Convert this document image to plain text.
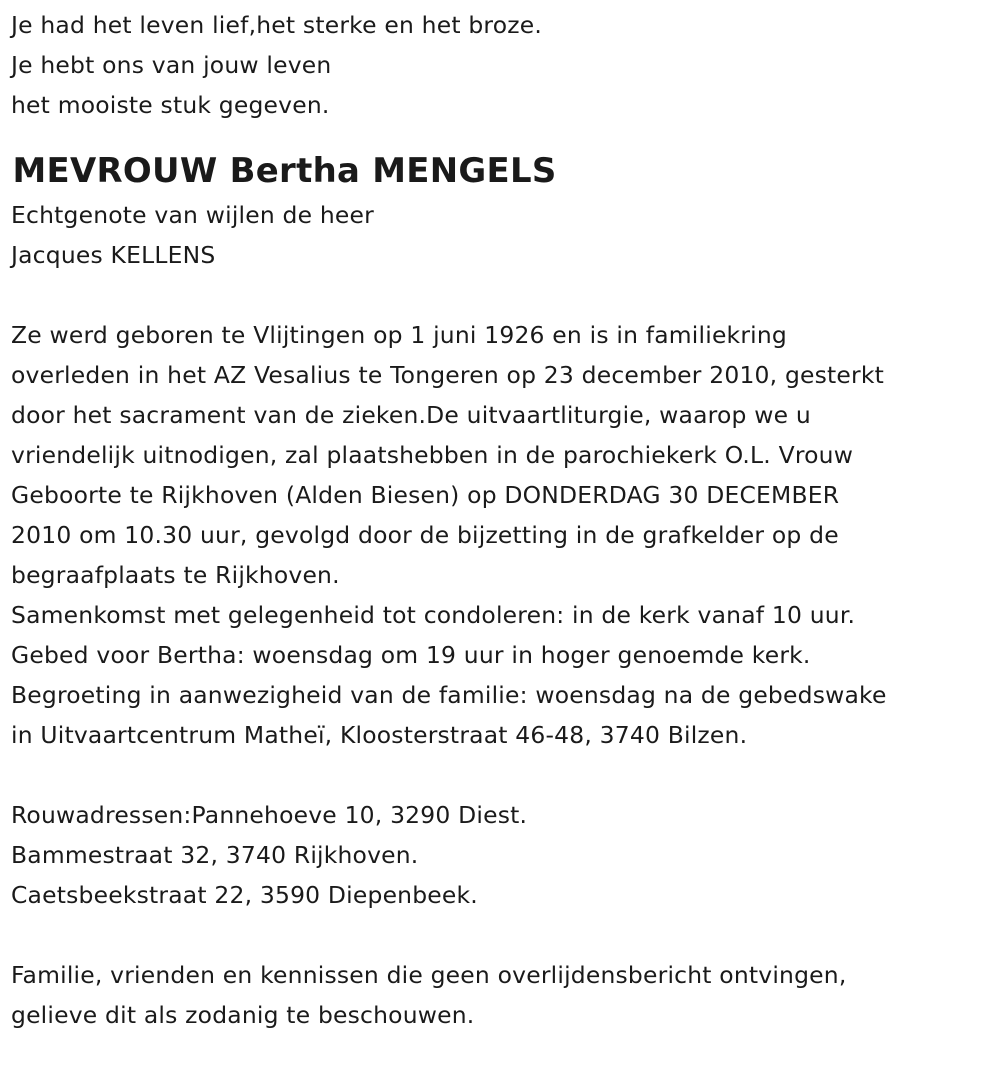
Je had het leven lief,het sterke en het broze.
Je hebt ons van jouw leven
het mooiste stuk gegeven.
MEVROUW Bertha MENGELS
Echtgenote van wijlen de heer
Jacques KELLENS
Ze werd geboren te Vlijtingen op 1 juni 1926 en is in familiekring
overleden in het AZ Vesalius te Tongeren op 23 december 2010, gesterkt
door het sacrament van de zieken.De uitvaartliturgie, waarop we u
vriendelijk uitnodigen, zal plaatshebben in de parochiekerk O.L. Vrouw
Geboorte te Rijkhoven (Alden Biesen) op DONDERDAG 30 DECEMBER
2010 om 10.30 uur, gevolgd door de bijzetting in de grafkelder op de
begraafplaats te Rijkhoven.
Samenkomst met gelegenheid tot condoleren: in de kerk vanaf 10 uur.
Gebed voor Bertha: woensdag om 19 uur in hoger genoemde kerk.
Begroeting in aanwezigheid van de familie: woensdag na de gebedswake
in Uitvaartcentrum Matheï, Kloosterstraat 46-48, 3740 Bilzen.
Rouwadressen:Pannehoeve 10, 3290 Diest.
Bammestraat 32, 3740 Rijkhoven.
Caetsbeekstraat 22, 3590 Diepenbeek.
Familie, vrienden en kennissen die geen overlijdensbericht ontvingen,
gelieve dit als zodanig te beschouwen.
